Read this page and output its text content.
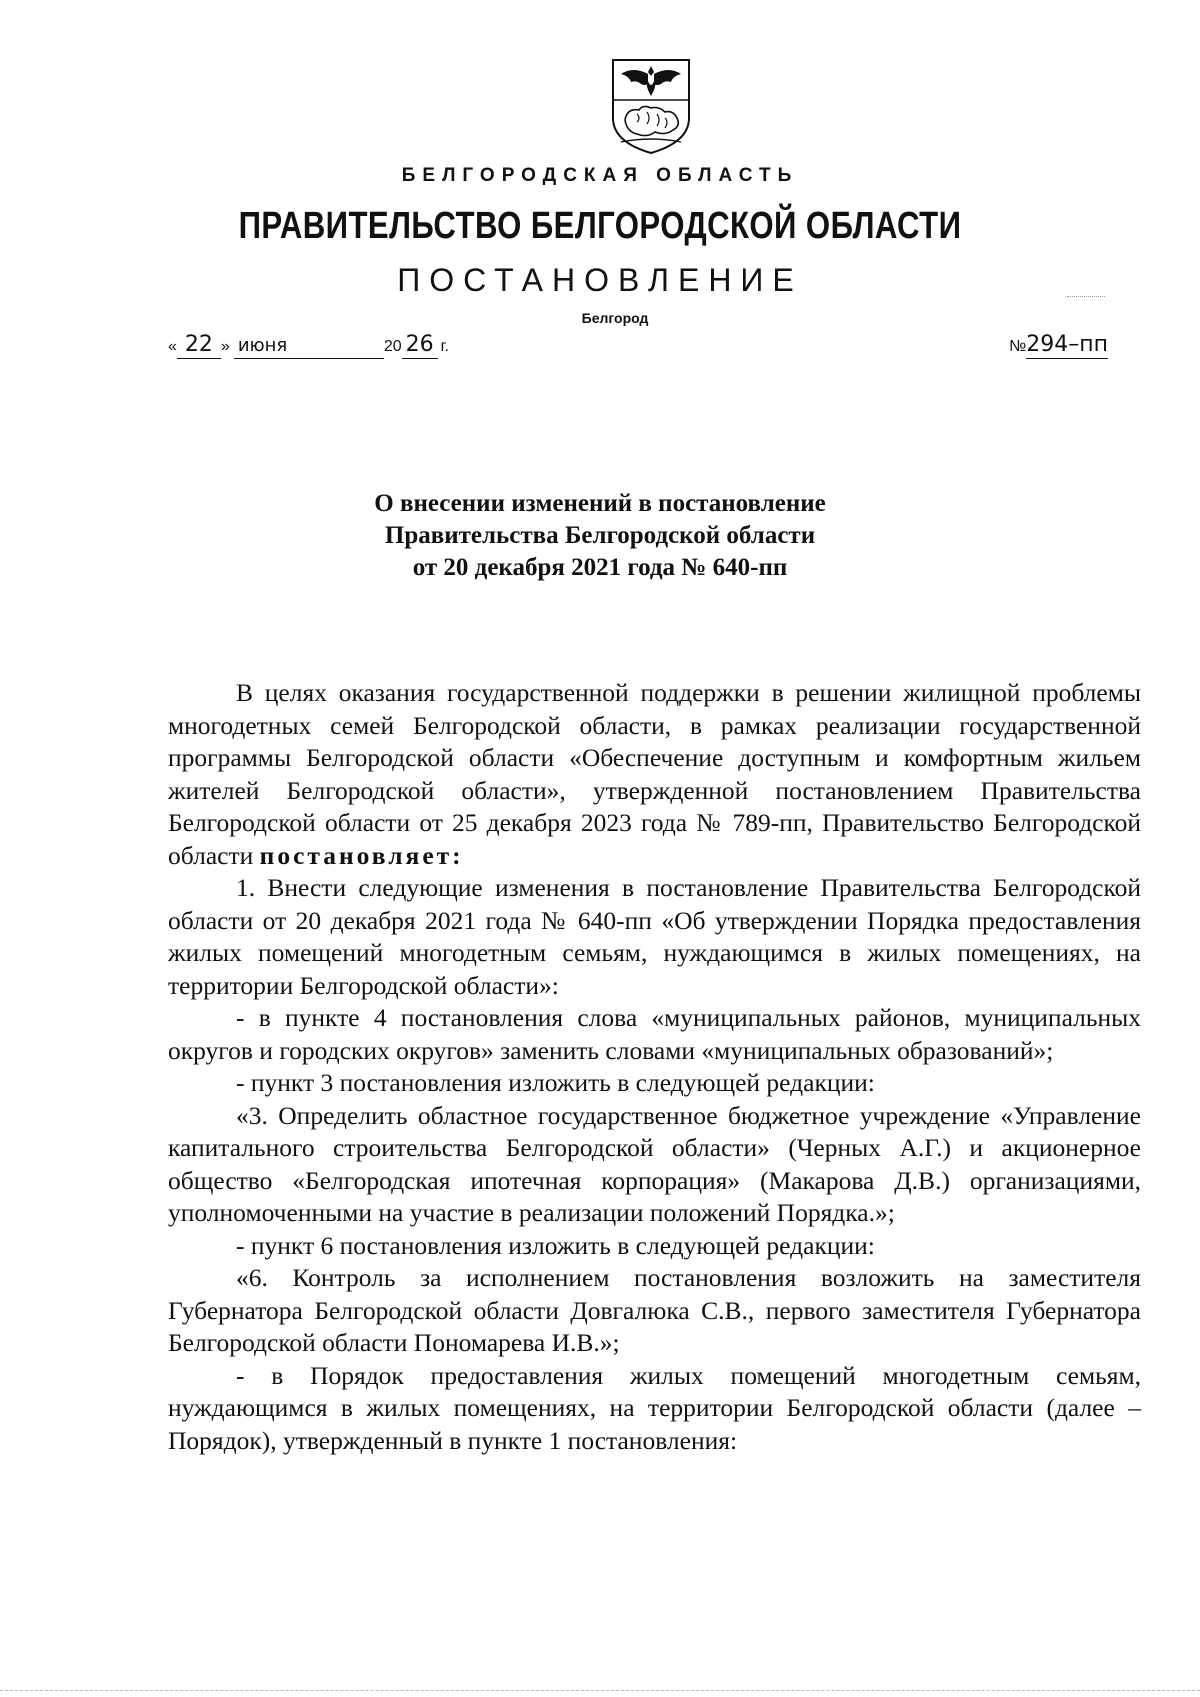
БЕЛГОРОДСКАЯ ОБЛАСТЬ
ПРАВИТЕЛЬСТВО БЕЛГОРОДСКОЙ ОБЛАСТИ
ПОСТАНОВЛЕНИЕ
Белгород
« 22 » июня	20 26 г.	№294–пп
О внесении изменений в постановление
Правительства Белгородской области
от 20 декабря 2021 года № 640-пп

В целях оказания государственной поддержки в решении жилищной проблемы многодетных семей Белгородской области, в рамках реализации государственной программы Белгородской области «Обеспечение доступным и комфортным жильем жителей Белгородской области», утвержденной постановлением Правительства Белгородской области от 25 декабря 2023 года № 789-пп, Правительство Белгородской области постановляет:

1. Внести следующие изменения в постановление Правительства Белгородской области от 20 декабря 2021 года № 640-пп «Об утверждении Порядка предоставления жилых помещений многодетным семьям, нуждающимся в жилых помещениях, на территории Белгородской области»:

- в пункте 4 постановления слова «муниципальных районов, муниципальных округов и городских округов» заменить словами «муниципальных образований»;

- пункт 3 постановления изложить в следующей редакции:

«3. Определить областное государственное бюджетное учреждение «Управление капитального строительства Белгородской области» (Черных А.Г.) и акционерное общество «Белгородская ипотечная корпорация» (Макарова Д.В.) организациями, уполномоченными на участие в реализации положений Порядка.»;

- пункт 6 постановления изложить в следующей редакции:

«6. Контроль за исполнением постановления возложить на заместителя Губернатора Белгородской области Довгалюка С.В., первого заместителя Губернатора Белгородской области Пономарева И.В.»;

- в Порядок предоставления жилых помещений многодетным семьям, нуждающимся в жилых помещениях, на территории Белгородской области (далее – Порядок), утвержденный в пункте 1 постановления:
